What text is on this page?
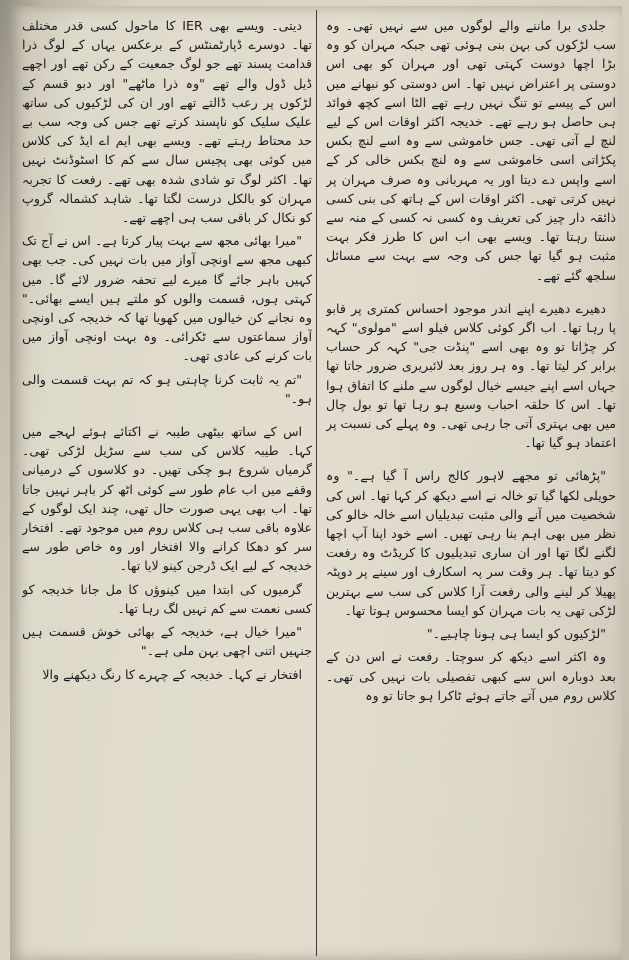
جلدی برا ماننے والے لوگوں میں سے نہیں تھی۔ وہ سب لڑکوں کی بہن بنی ہوئی تھی جبکہ مہران کو وہ بڑا اچھا دوست کہتی تھی اور مہران کو بھی اس دوستی پر اعتراض نہیں تھا۔ اس دوستی کو نبھانے میں اس کے پیسے تو تنگ نہیں رہے تھے الٹا اسے کچھ فوائد ہی حاصل ہو رہے تھے۔ خدیجہ اکثر اوقات اس کے لیے لنچ لے آتی تھی۔ جس خاموشی سے وہ اسے لنچ بکس پکڑاتی اسی خاموشی سے وہ لنچ بکس خالی کر کے اسے واپس دے دیتا اور یہ مہربانی وہ صرف مہران پر نہیں کرتی تھی۔ اکثر اوقات اس کے ہاتھ کی بنی کسی ذائقہ دار چیز کی تعریف وہ کسی نہ کسی کے منہ سے سنتا رہتا تھا۔ ویسے بھی اب اس کا طرز فکر بہت مثبت ہو گیا تھا جس کی وجہ سے بہت سے مسائل سلجھ گئے تھے۔

دھیرے دھیرے اپنے اندر موجود احساس کمتری پر قابو پا رہا تھا۔ اب اگر کوئی کلاس فیلو اسے "مولوی" کہہ کر چڑاتا تو وہ بھی اسے "پنڈت جی" کہہ کر حساب برابر کر لیتا تھا۔ وہ ہر روز بعد لائبریری ضرور جاتا تھا جہاں اسے اپنے جیسے خیال لوگوں سے ملنے کا اتفاق ہوا تھا۔ اس کا حلقہ احباب وسیع ہو رہا تھا تو بول چال میں بھی بہتری آتی جا رہی تھی۔ وہ پہلے کی نسبت پر اعتماد ہو گیا تھا۔

"پڑھائی تو مجھے لاہور کالج راس آ گیا ہے۔" وہ حویلی لکھا گیا تو خالہ نے اسے دیکھ کر کہا تھا۔ اس کی شخصیت میں آنے والی مثبت تبدیلیاں اسے خالہ خالو کی نظر میں بھی اہم بنا رہی تھیں۔ اسے خود اپنا آپ اچھا لگنے لگا تھا اور ان ساری تبدیلیوں کا کریڈٹ وہ رفعت کو دیتا تھا۔ ہر وقت سر پہ اسکارف اور سینے پر دوپٹہ پھیلا کر لینے والی رفعت آرا کلاس کی سب سے بہترین لڑکی تھی یہ بات مہران کو ایسا محسوس ہوتا تھا۔

"لڑکیوں کو ایسا ہی ہونا چاہیے۔"

وہ اکثر اسے دیکھ کر سوچتا۔ رفعت نے اس دن کے بعد دوبارہ اس سے کبھی تفصیلی بات نہیں کی تھی۔ کلاس روم میں آتے جاتے ہوئے ٹاکرا ہو جاتا تو وہ

دیتی۔ ویسے بھی IER کا ماحول کسی قدر مختلف تھا۔ دوسرے ڈپارٹمنٹس کے برعکس یہاں کے لوگ ذرا قدامت پسند تھے جو لوگ جمعیت کے رکن تھے اور اچھے ڈیل ڈول والے تھے "وہ ذرا ماٹھے" اور دبو قسم کے لڑکوں پر رعب ڈالتے تھے اور ان کی لڑکیوں کی ساتھ علیک سلیک کو ناپسند کرتے تھے جس کی وجہ سب بے حد محتاط رہتے تھے۔ ویسے بھی ایم اے ایڈ کی کلاس میں کوئی بھی پچیس سال سے کم کا اسٹوڈنٹ نہیں تھا۔ اکثر لوگ تو شادی شدہ بھی تھے۔ رفعت کا تجربہ مہران کو بالکل درست لگتا تھا۔ شاہد کشمالہ گروپ کو نکال کر باقی سب ہی اچھے تھے۔

"میرا بھائی مجھ سے بہت پیار کرتا ہے۔ اس نے آج تک کبھی مجھ سے اونچی آواز میں بات نہیں کی۔ جب بھی کہیں باہر جائے گا میرے لیے تحفہ ضرور لائے گا۔ میں کہتی ہوں، قسمت والوں کو ملتے ہیں ایسے بھائی۔" وہ نجانے کن خیالوں میں کھویا تھا کہ خدیجہ کی اونچی آواز سماعتوں سے ٹکرائی۔ وہ بہت اونچی آواز میں بات کرنے کی عادی تھی۔

"تم یہ ثابت کرنا چاہتی ہو کہ تم بہت قسمت والی ہو۔"

اس کے ساتھ بیٹھی طیبہ نے اکتائے ہوئے لہجے میں کہا۔ طیبہ کلاس کی سب سے سڑیل لڑکی تھی۔ گرمیاں شروع ہو چکی تھیں۔ دو کلاسوں کے درمیانی وقفے میں اب عام طور سے کوئی اٹھ کر باہر نہیں جاتا تھا۔ اب بھی یہی صورت حال تھی، چند ایک لوگوں کے علاوہ باقی سب ہی کلاس روم میں موجود تھے۔ افتخار سر کو دھکا کرانے والا افتخار اور وہ خاص طور سے خدیجہ کے لیے ایک ڈرجن کینو لایا تھا۔

گرمیوں کی ابتدا میں کینوؤں کا مل جانا خدیجہ کو کسی نعمت سے کم نہیں لگ رہا تھا۔

"میرا خیال ہے، خدیجہ کے بھائی خوش قسمت ہیں جنہیں اتنی اچھی بہن ملی ہے۔"

افتخار نے کہا۔ خدیجہ کے چہرے کا رنگ دیکھنے والا
